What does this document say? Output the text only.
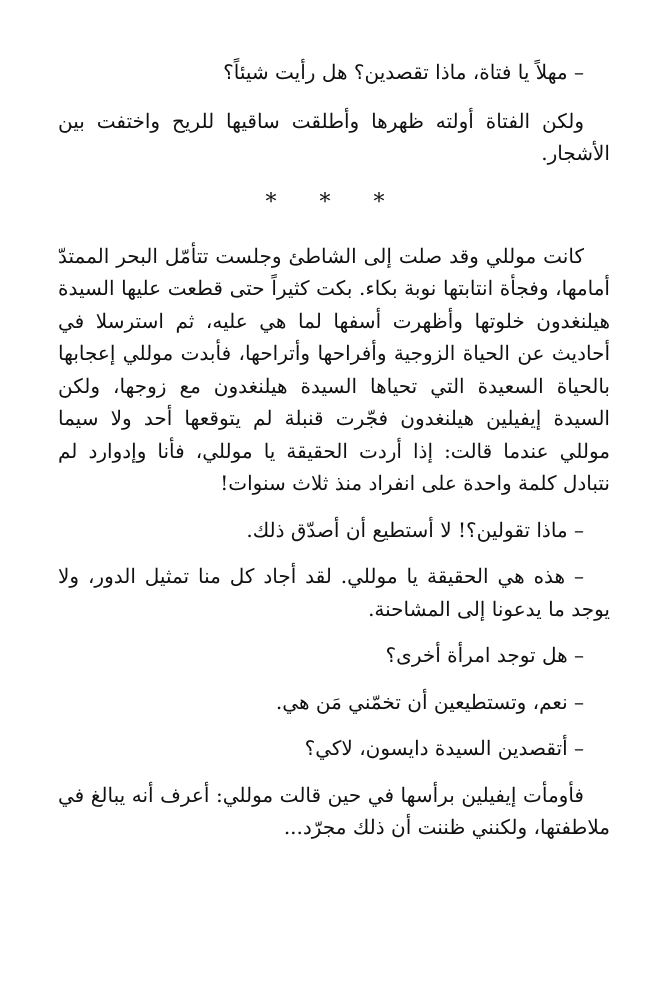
– مهلاً يا فتاة، ماذا تقصدين؟ هل رأيت شيئاً؟

ولكن الفتاة أولته ظهرها وأطلقت ساقيها للريح واختفت بين الأشجار.

* * *

كانت موللي وقد صلت إلى الشاطئ وجلست تتأمّل البحر الممتدّ أمامها، وفجأة انتابتها نوبة بكاء. بكت كثيراً حتى قطعت عليها السيدة هيلنغدون خلوتها وأظهرت أسفها لما هي عليه، ثم استرسلا في أحاديث عن الحياة الزوجية وأفراحها وأتراحها، فأبدت موللي إعجابها بالحياة السعيدة التي تحياها السيدة هيلنغدون مع زوجها، ولكن السيدة إيفيلين هيلنغدون فجّرت قنبلة لم يتوقعها أحد ولا سيما موللي عندما قالت: إذا أردت الحقيقة يا موللي، فأنا وإدوارد لم نتبادل كلمة واحدة على انفراد منذ ثلاث سنوات!

– ماذا تقولين؟! لا أستطيع أن أصدّق ذلك.

– هذه هي الحقيقة يا موللي. لقد أجاد كل منا تمثيل الدور، ولا يوجد ما يدعونا إلى المشاحنة.

– هل توجد امرأة أخرى؟

– نعم، وتستطيعين أن تخمّني مَن هي.

– أتقصدين السيدة دايسون، لاكي؟

فأومأت إيفيلين برأسها في حين قالت موللي: أعرف أنه يبالغ في ملاطفتها، ولكنني ظننت أن ذلك مجرّد...
